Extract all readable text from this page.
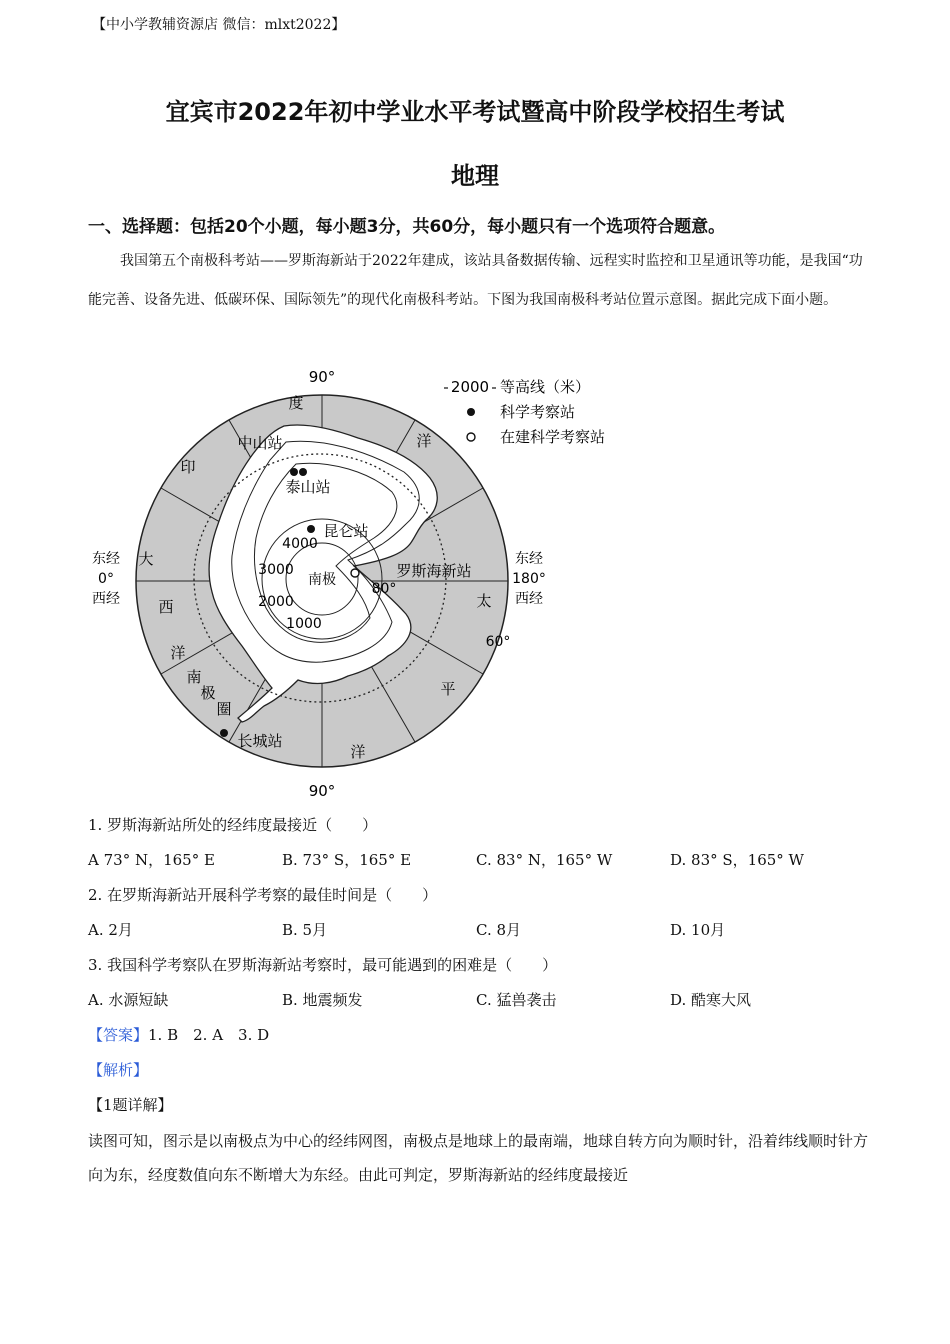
【中小学教辅资源店 微信：mlxt2022】
宜宾市2022年初中学业水平考试暨高中阶段学校招生考试
地理
一、选择题：包括20个小题，每小题3分，共60分，每小题只有一个选项符合题意。

我国第五个南极科考站——罗斯海新站于2022年建成，该站具备数据传输、远程实时监控和卫星通讯等功能，是我国“功能完善、设备先进、低碳环保、国际领先”的现代化南极科考站。下图为我国南极科考站位置示意图。据此完成下面小题。

90°
90°
东经
0°
西经
东经
180°
西经
80°
60°
度
洋
印
大
西
洋
太
平
洋
南
极
圈
4000
3000
2000
1000
南极
中山站
泰山站
昆仑站
罗斯海新站
长城站
2000 等高线（米）
科学考察站
在建科学考察站
1. 罗斯海新站所处的经纬度最接近（　　）
A 73° N，165° E	B. 73° S，165° E	C. 83° N，165° W	D. 83° S，165° W
2. 在罗斯海新站开展科学考察的最佳时间是（　　）
A. 2月	B. 5月	C. 8月	D. 10月
3. 我国科学考察队在罗斯海新站考察时，最可能遇到的困难是（　　）
A. 水源短缺	B. 地震频发	C. 猛兽袭击	D. 酷寒大风
【答案】1. B　2. A　3. D
【解析】
【1题详解】

读图可知，图示是以南极点为中心的经纬网图，南极点是地球上的最南端，地球自转方向为顺时针，沿着纬线顺时针方向为东，经度数值向东不断增大为东经。由此可判定，罗斯海新站的经纬度最接近
